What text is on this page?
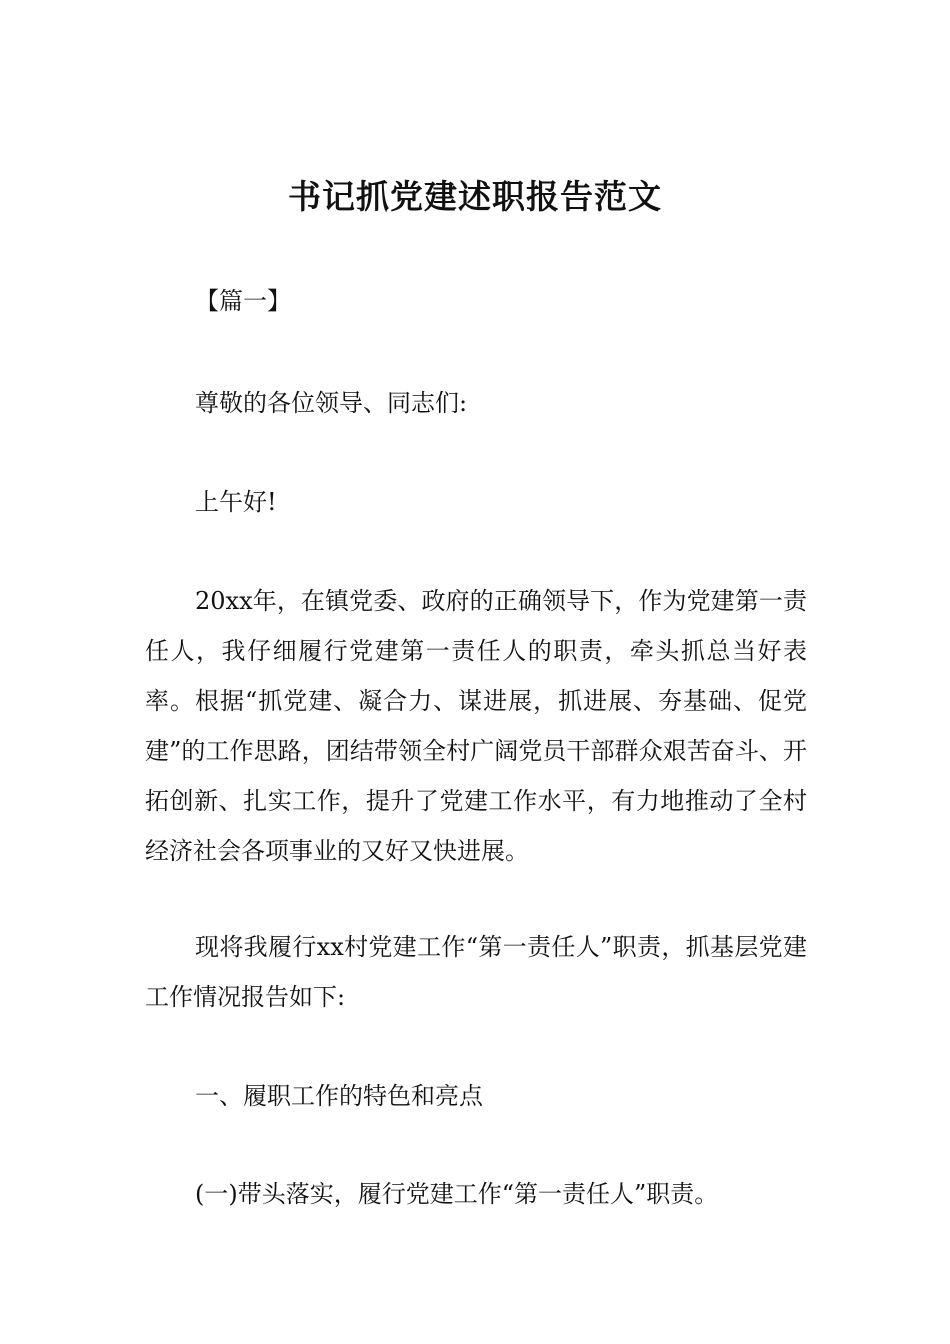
书记抓党建述职报告范文

【篇一】

尊敬的各位领导、同志们:

上午好!

20xx年，在镇党委、政府的正确领导下，作为党建第一责任人，我仔细履行党建第一责任人的职责，牵头抓总当好表率。根据“抓党建、凝合力、谋进展，抓进展、夯基础、促党建”的工作思路，团结带领全村广阔党员干部群众艰苦奋斗、开拓创新、扎实工作，提升了党建工作水平，有力地推动了全村经济社会各项事业的又好又快进展。

现将我履行xx村党建工作“第一责任人”职责，抓基层党建工作情况报告如下:

一、履职工作的特色和亮点

(一)带头落实，履行党建工作“第一责任人”职责。
